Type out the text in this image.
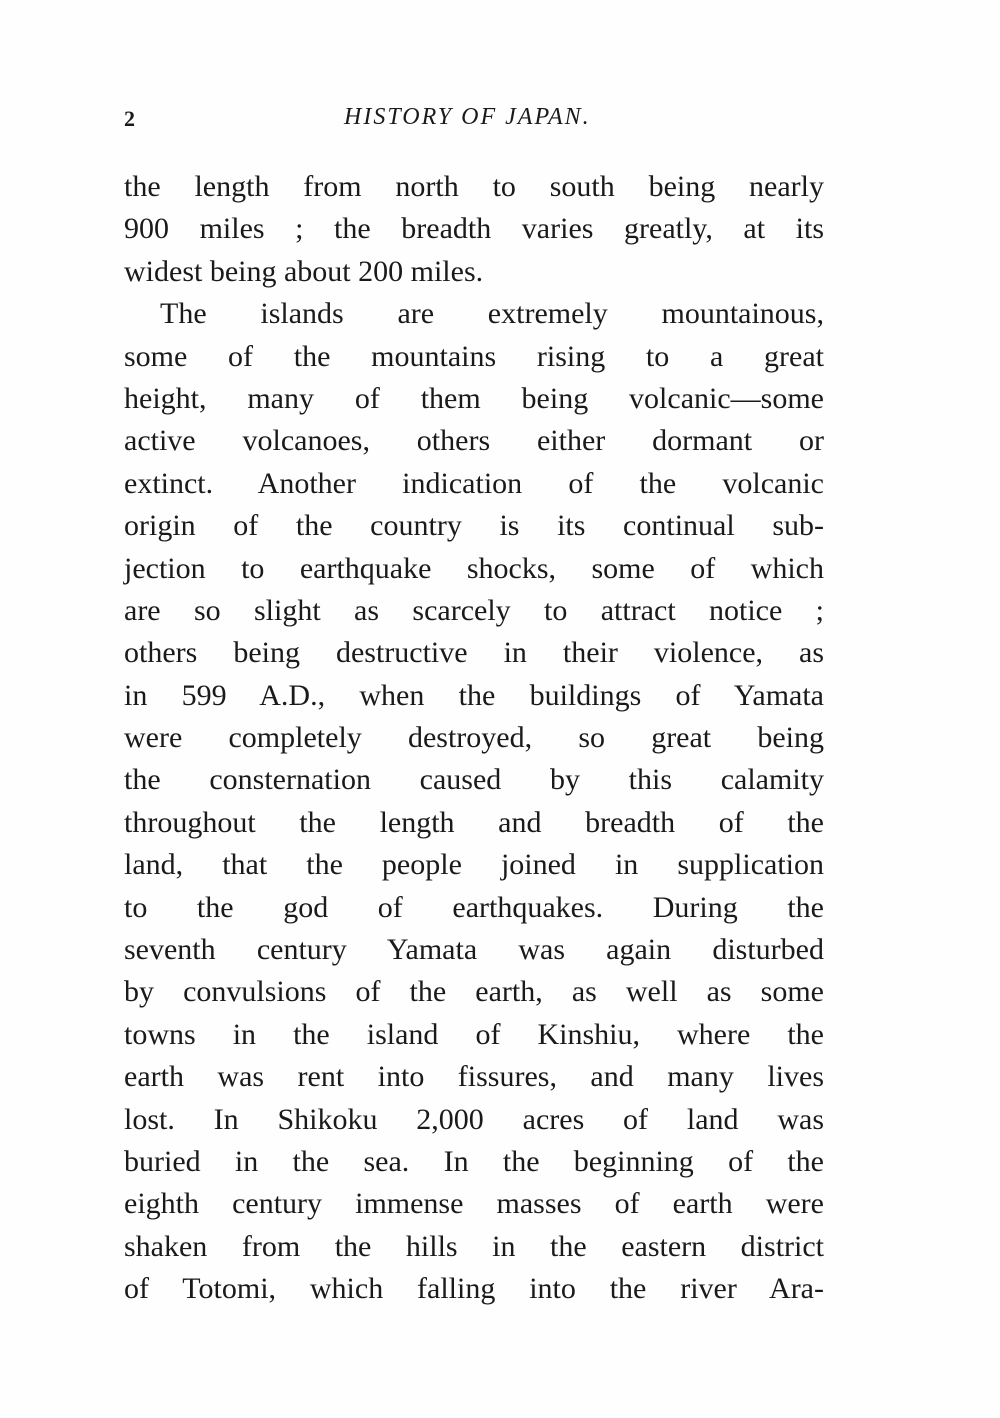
2	HISTORY OF JAPAN.
the length from north to south being nearly
900 miles ; the breadth varies greatly, at its
widest being about 200 miles.
The islands are extremely mountainous,
some of the mountains rising to a great
height, many of them being volcanic—some
active volcanoes, others either dormant or
extinct. Another indication of the volcanic
origin of the country is its continual sub-
jection to earthquake shocks, some of which
are so slight as scarcely to attract notice ;
others being destructive in their violence, as
in 599 A.D., when the buildings of Yamata
were completely destroyed, so great being
the consternation caused by this calamity
throughout the length and breadth of the
land, that the people joined in supplication
to the god of earthquakes. During the
seventh century Yamata was again disturbed
by convulsions of the earth, as well as some
towns in the island of Kinshiu, where the
earth was rent into fissures, and many lives
lost. In Shikoku 2,000 acres of land was
buried in the sea. In the beginning of the
eighth century immense masses of earth were
shaken from the hills in the eastern district
of Totomi, which falling into the river Ara-
